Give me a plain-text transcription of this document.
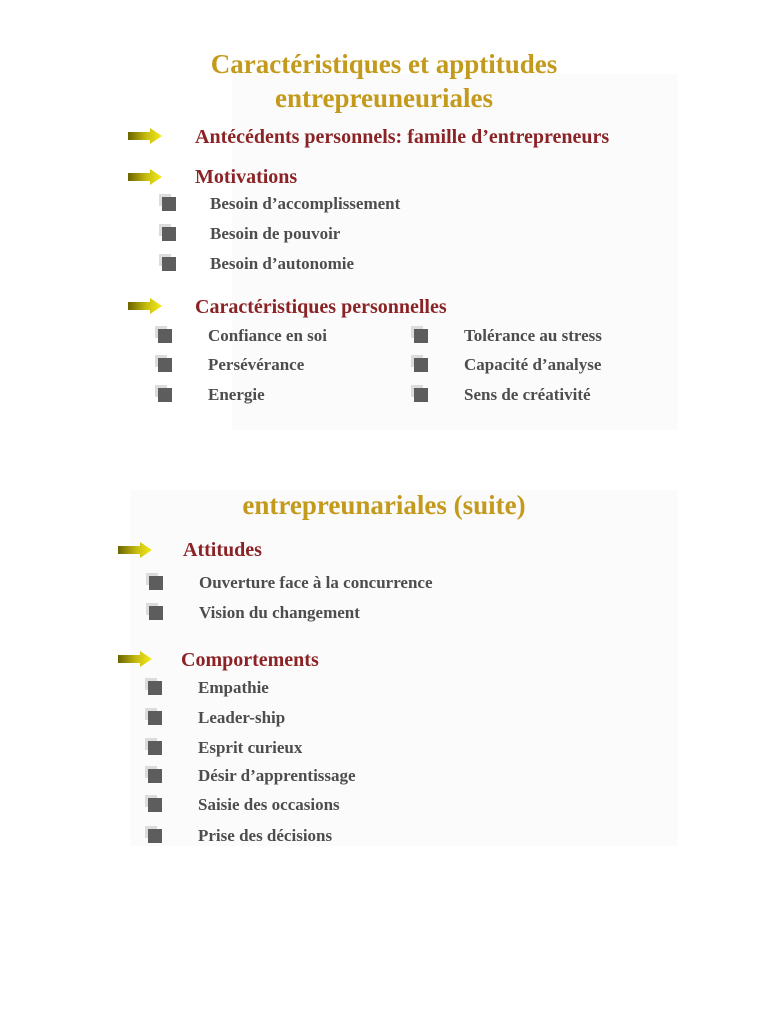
Caractéristiques et apptitudes
entrepreuneuriales
Antécédents personnels: famille d’entrepreneurs
Motivations
Besoin d’accomplissement
Besoin de pouvoir
Besoin d’autonomie
Caractéristiques personnelles
Confiance en soi
Persévérance
Energie
Tolérance au stress
Capacité d’analyse
Sens de créativité
entrepreunariales (suite)
Attitudes
Ouverture face à la concurrence
Vision du changement
Comportements
Empathie
Leader-ship
Esprit curieux
Désir d’apprentissage
Saisie des occasions
Prise des décisions
